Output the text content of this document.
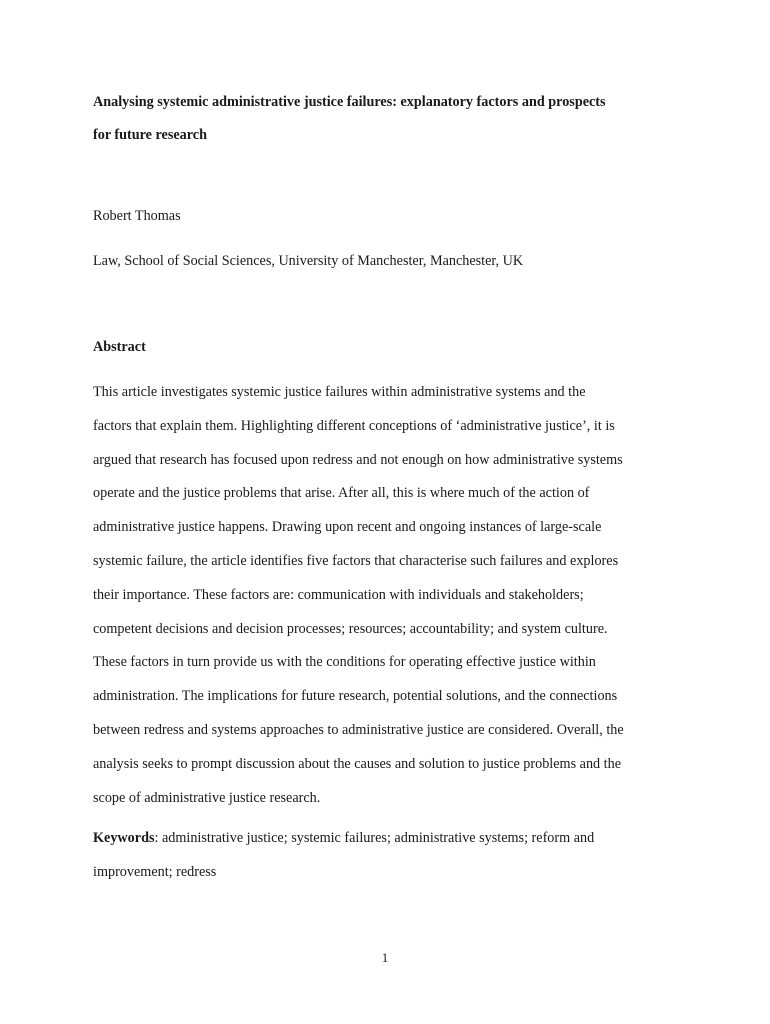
Analysing systemic administrative justice failures: explanatory factors and prospects
for future research
Robert Thomas
Law, School of Social Sciences, University of Manchester, Manchester, UK
Abstract
This article investigates systemic justice failures within administrative systems and the
factors that explain them. Highlighting different conceptions of ‘administrative justice’, it is
argued that research has focused upon redress and not enough on how administrative systems
operate and the justice problems that arise. After all, this is where much of the action of
administrative justice happens. Drawing upon recent and ongoing instances of large-scale
systemic failure, the article identifies five factors that characterise such failures and explores
their importance. These factors are: communication with individuals and stakeholders;
competent decisions and decision processes; resources; accountability; and system culture.
These factors in turn provide us with the conditions for operating effective justice within
administration. The implications for future research, potential solutions, and the connections
between redress and systems approaches to administrative justice are considered. Overall, the
analysis seeks to prompt discussion about the causes and solution to justice problems and the
scope of administrative justice research.
Keywords: administrative justice; systemic failures; administrative systems; reform and
improvement; redress
1
